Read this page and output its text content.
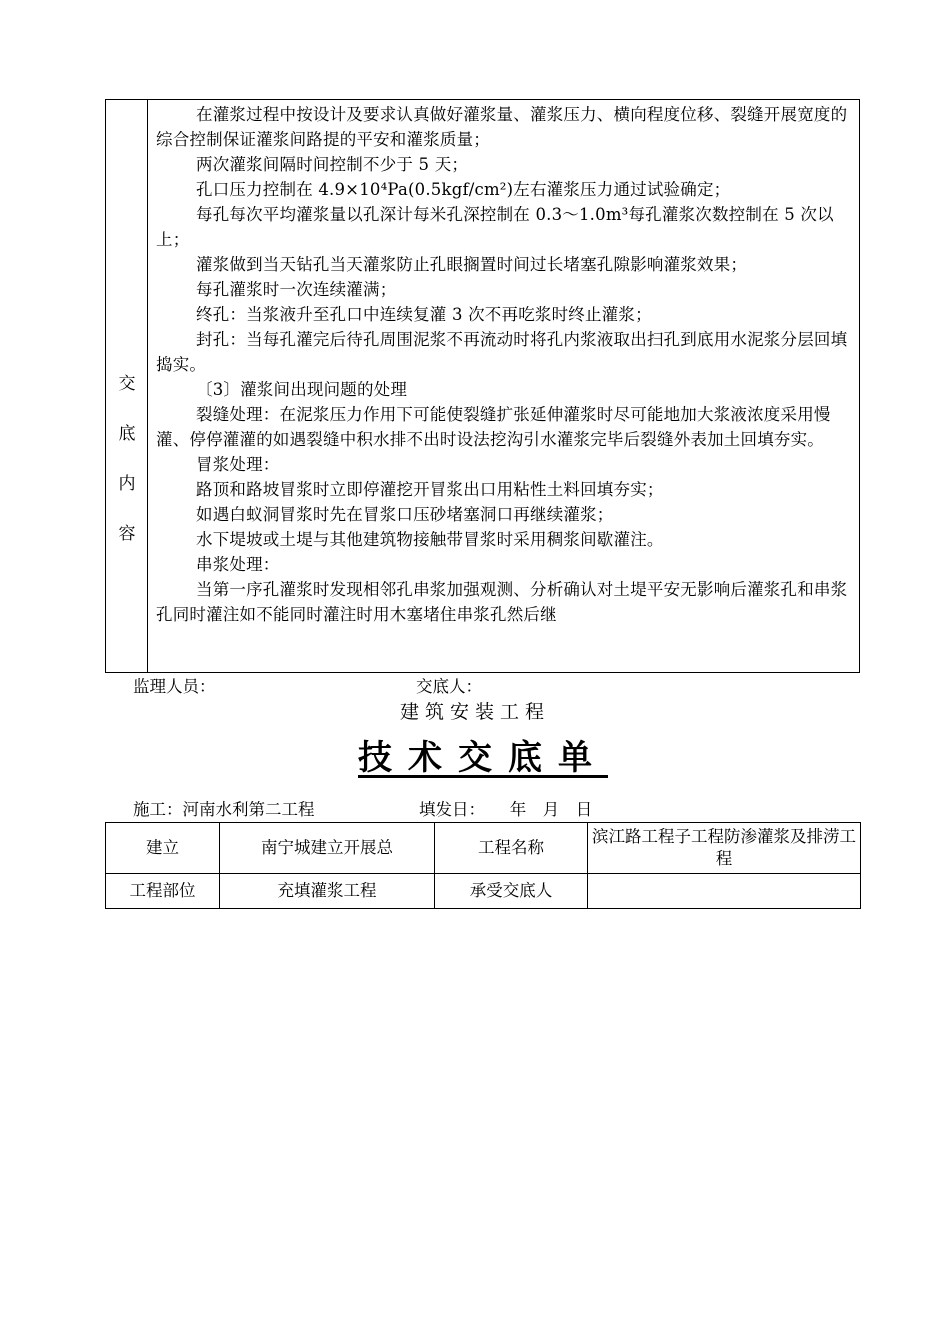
交
底
内
容

在灌浆过程中按设计及要求认真做好灌浆量、灌浆压力、横向程度位移、裂缝开展宽度的综合控制保证灌浆间路提的平安和灌浆质量；

两次灌浆间隔时间控制不少于 5 天；

孔口压力控制在 4.9×10⁴Pa(0.5kgf/cm²)左右灌浆压力通过试验确定；

每孔每次平均灌浆量以孔深计每米孔深控制在 0.3～1.0m³每孔灌浆次数控制在 5 次以上；

灌浆做到当天钻孔当天灌浆防止孔眼搁置时间过长堵塞孔隙影响灌浆效果；

每孔灌浆时一次连续灌满；

终孔：当浆液升至孔口中连续复灌 3 次不再吃浆时终止灌浆；

封孔：当每孔灌完后待孔周围泥浆不再流动时将孔内浆液取出扫孔到底用水泥浆分层回填捣实。

〔3〕灌浆间出现问题的处理

裂缝处理：在泥浆压力作用下可能使裂缝扩张延伸灌浆时尽可能地加大浆液浓度采用慢灌、停停灌灌的如遇裂缝中积水排不出时设法挖沟引水灌浆完毕后裂缝外表加土回填夯实。

冒浆处理：

路顶和路坡冒浆时立即停灌挖开冒浆出口用粘性土料回填夯实；

如遇白蚁洞冒浆时先在冒浆口压砂堵塞洞口再继续灌浆；

水下堤坡或土堤与其他建筑物接触带冒浆时采用稠浆间歇灌注。

串浆处理：

当第一序孔灌浆时发现相邻孔串浆加强观测、分析确认对土堤平安无影响后灌浆孔和串浆孔同时灌注如不能同时灌注时用木塞堵住串浆孔然后继

监理人员：	交底人：
建筑安装工程
技术交底单
施工：河南水利第二工程	填发日：　　年　月　日
建立	南宁城建立开展总	工程名称	滨江路工程子工程防渗灌浆及排涝工程
工程部位	充填灌浆工程	承受交底人	
